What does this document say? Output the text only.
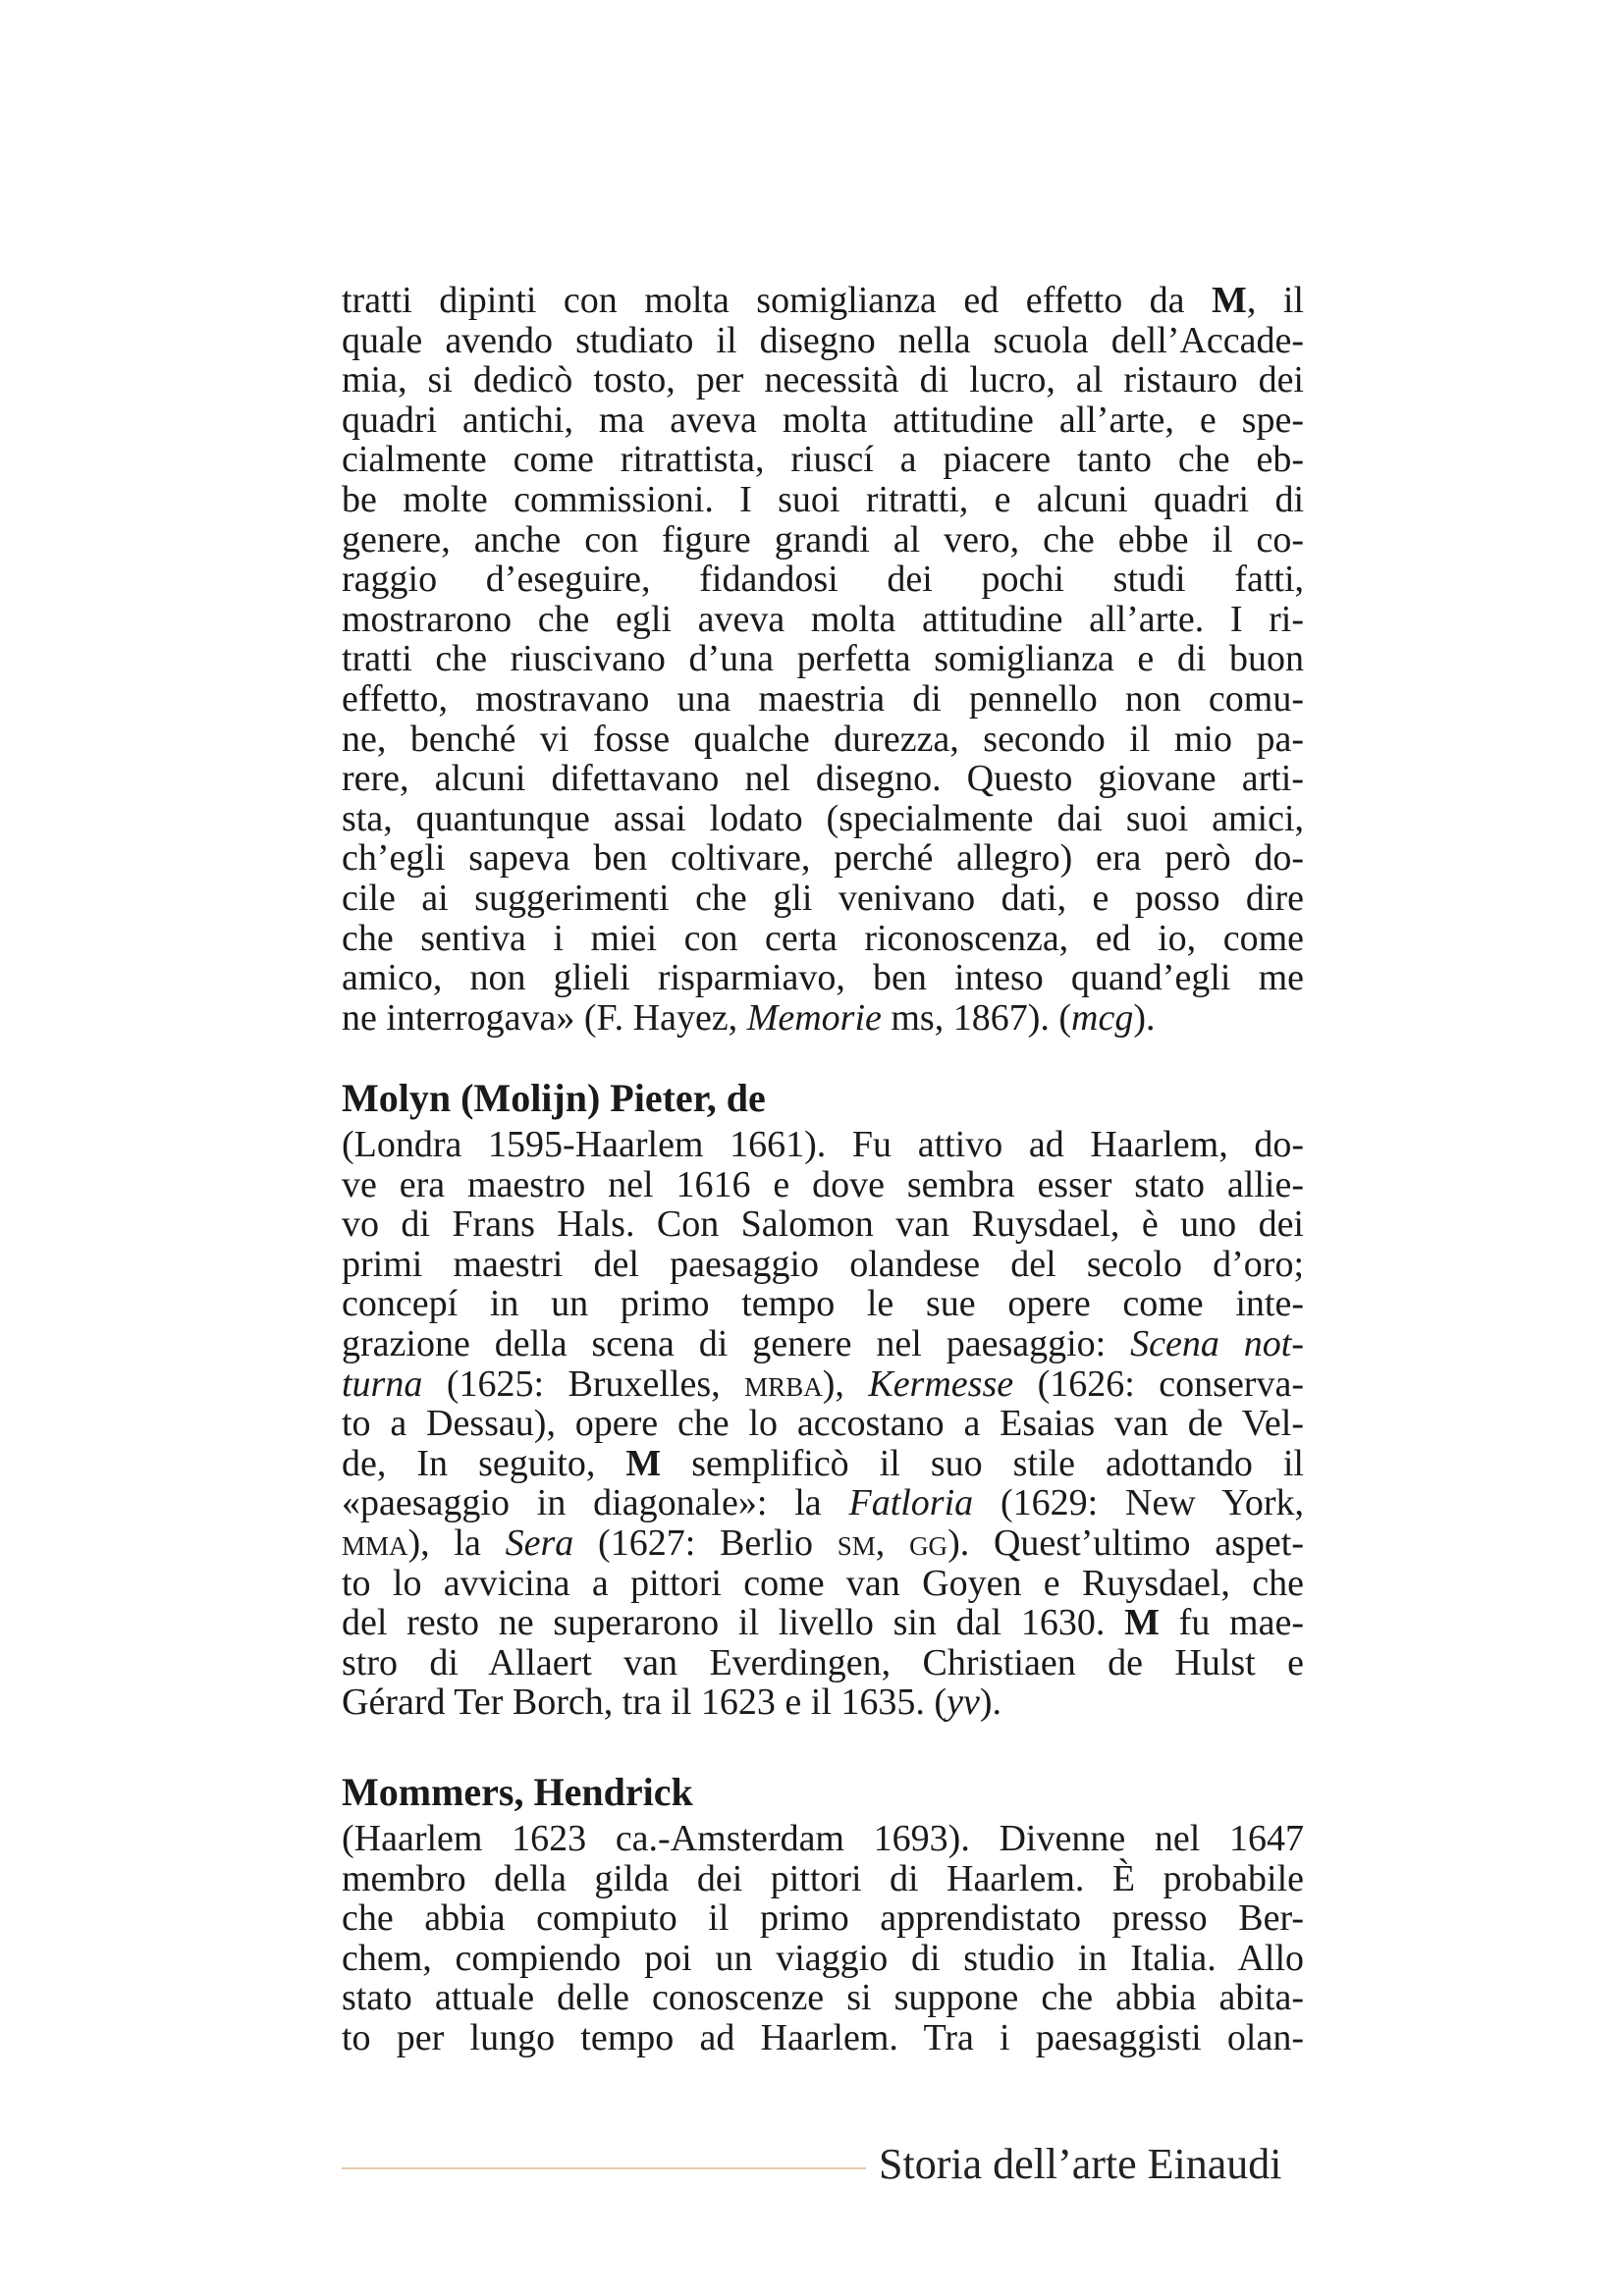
tratti dipinti con molta somiglianza ed effetto da M, il
quale avendo studiato il disegno nella scuola dell’Accade-
mia, si dedicò tosto, per necessità di lucro, al ristauro dei
quadri antichi, ma aveva molta attitudine all’arte, e spe-
cialmente come ritrattista, riuscí a piacere tanto che eb-
be molte commissioni. I suoi ritratti, e alcuni quadri di
genere, anche con figure grandi al vero, che ebbe il co-
raggio d’eseguire, fidandosi dei pochi studi fatti,
mostrarono che egli aveva molta attitudine all’arte. I ri-
tratti che riuscivano d’una perfetta somiglianza e di buon
effetto, mostravano una maestria di pennello non comu-
ne, benché vi fosse qualche durezza, secondo il mio pa-
rere, alcuni difettavano nel disegno. Questo giovane arti-
sta, quantunque assai lodato (specialmente dai suoi amici,
ch’egli sapeva ben coltivare, perché allegro) era però do-
cile ai suggerimenti che gli venivano dati, e posso dire
che sentiva i miei con certa riconoscenza, ed io, come
amico, non glieli risparmiavo, ben inteso quand’egli me
ne interrogava» (F. Hayez, Memorie ms, 1867). (mcg).
Molyn (Molijn) Pieter, de
(Londra 1595-Haarlem 1661). Fu attivo ad Haarlem, do-
ve era maestro nel 1616 e dove sembra esser stato allie-
vo di Frans Hals. Con Salomon van Ruysdael, è uno dei
primi maestri del paesaggio olandese del secolo d’oro;
concepí in un primo tempo le sue opere come inte-
grazione della scena di genere nel paesaggio: Scena not-
turna (1625: Bruxelles, mrba), Kermesse (1626: conserva-
to a Dessau), opere che lo accostano a Esaias van de Vel-
de, In seguito, M semplificò il suo stile adottando il
«paesaggio in diagonale»: la Fatloria (1629: New York,
mma), la Sera (1627: Berlio sm, gg). Quest’ultimo aspet-
to lo avvicina a pittori come van Goyen e Ruysdael, che
del resto ne superarono il livello sin dal 1630. M fu mae-
stro di Allaert van Everdingen, Christiaen de Hulst e
Gérard Ter Borch, tra il 1623 e il 1635. (yv).
Mommers, Hendrick
(Haarlem 1623 ca.-Amsterdam 1693). Divenne nel 1647
membro della gilda dei pittori di Haarlem. È probabile
che abbia compiuto il primo apprendistato presso Ber-
chem, compiendo poi un viaggio di studio in Italia. Allo
stato attuale delle conoscenze si suppone che abbia abita-
to per lungo tempo ad Haarlem. Tra i paesaggisti olan-
Storia dell’arte Einaudi
